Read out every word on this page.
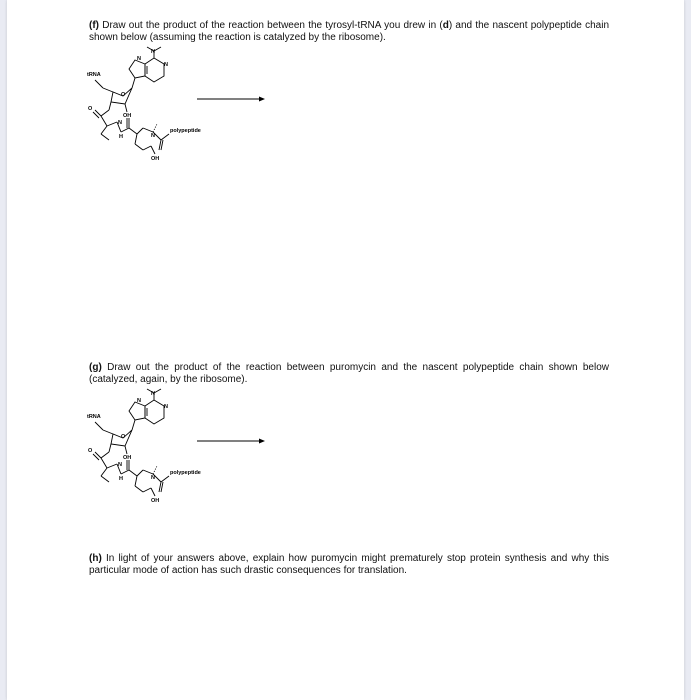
(f) Draw out the product of the reaction between the tyrosyl-tRNA you drew in (d) and the nascent polypeptide chain shown below (assuming the reaction is catalyzed by the ribosome).
N
N
N
tRNA
O
OH
O
N
H	N
polypeptide
OH
(g) Draw out the product of the reaction between puromycin and the nascent polypeptide chain shown below (catalyzed, again, by the ribosome).
N
N
N
tRNA
O
OH
O
N
H	N
polypeptide
OH
(h) In light of your answers above, explain how puromycin might prematurely stop protein synthesis and why this particular mode of action has such drastic consequences for translation.
